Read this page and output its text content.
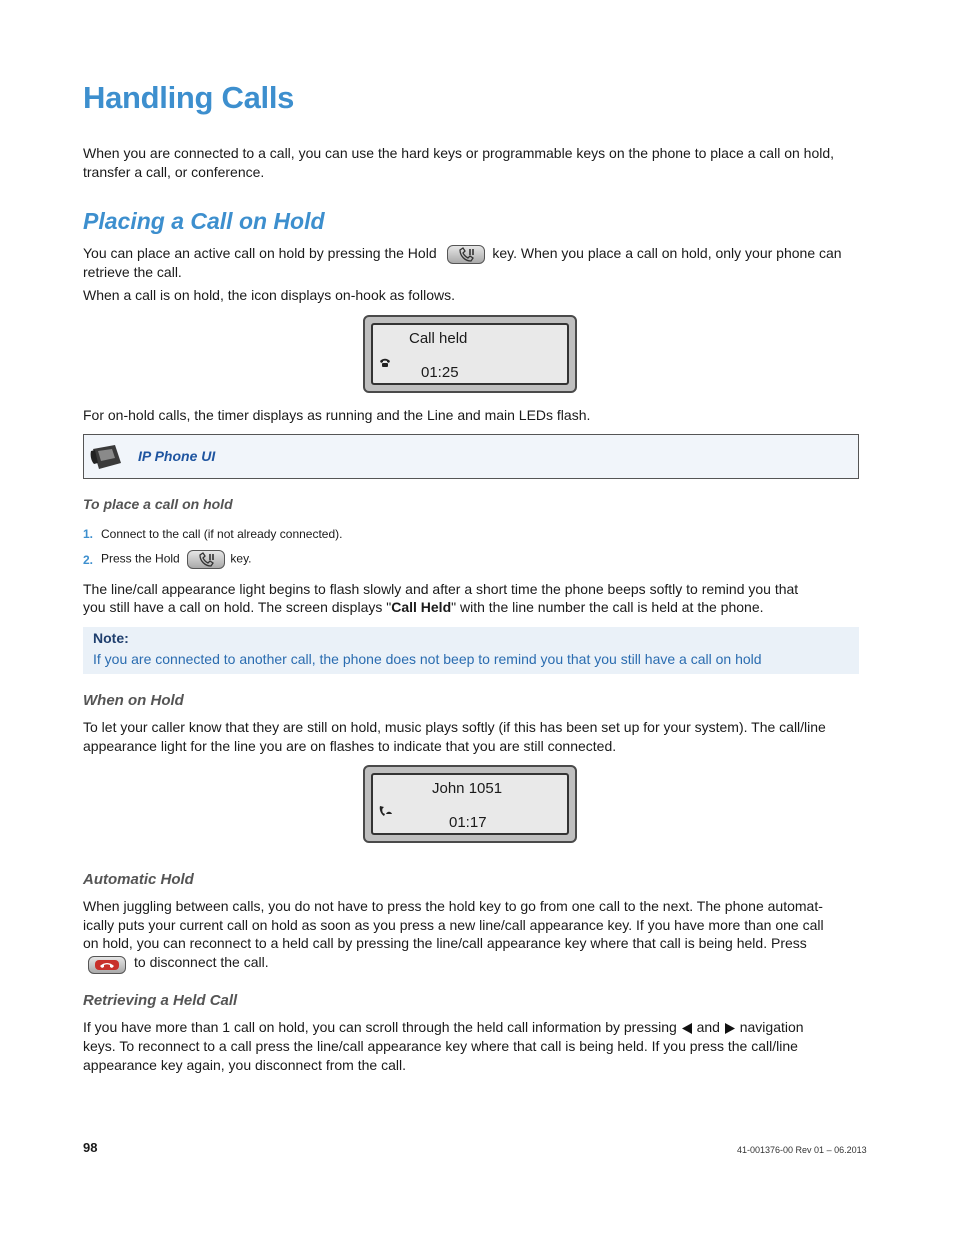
Handling Calls
When you are connected to a call, you can use the hard keys or programmable keys on the phone to place a call on hold, transfer a call, or conference.
Placing a Call on Hold
You can place an active call on hold by pressing the Hold	key. When you place a call on hold, only your phone can
retrieve the call.
When a call is on hold, the icon displays on-hook as follows.
Call held
01:25
For on-hold calls, the timer displays as running and the Line and main LEDs flash.
IP Phone UI
To place a call on hold
1. Connect to the call (if not already connected).
2. Press the Hold	key.
The line/call appearance light begins to flash slowly and after a short time the phone beeps softly to remind you that
you still have a call on hold. The screen displays "Call Held" with the line number the call is held at the phone.
Note:
If you are connected to another call, the phone does not beep to remind you that you still have a call on hold
When on Hold
To let your caller know that they are still on hold, music plays softly (if this has been set up for your system). The call/line
appearance light for the line you are on flashes to indicate that you are still connected.
John 1051
01:17
Automatic Hold
When juggling between calls, you do not have to press the hold key to go from one call to the next. The phone automat-
ically puts your current call on hold as soon as you press a new line/call appearance key. If you have more than one call
on hold, you can reconnect to a held call by pressing the line/call appearance key where that call is being held. Press
to disconnect the call.
Retrieving a Held Call
If you have more than 1 call on hold, you can scroll through the held call information by pressing and navigation
keys. To reconnect to a call press the line/call appearance key where that call is being held. If you press the call/line
appearance key again, you disconnect from the call.
98	41-001376-00 Rev 01 – 06.2013
